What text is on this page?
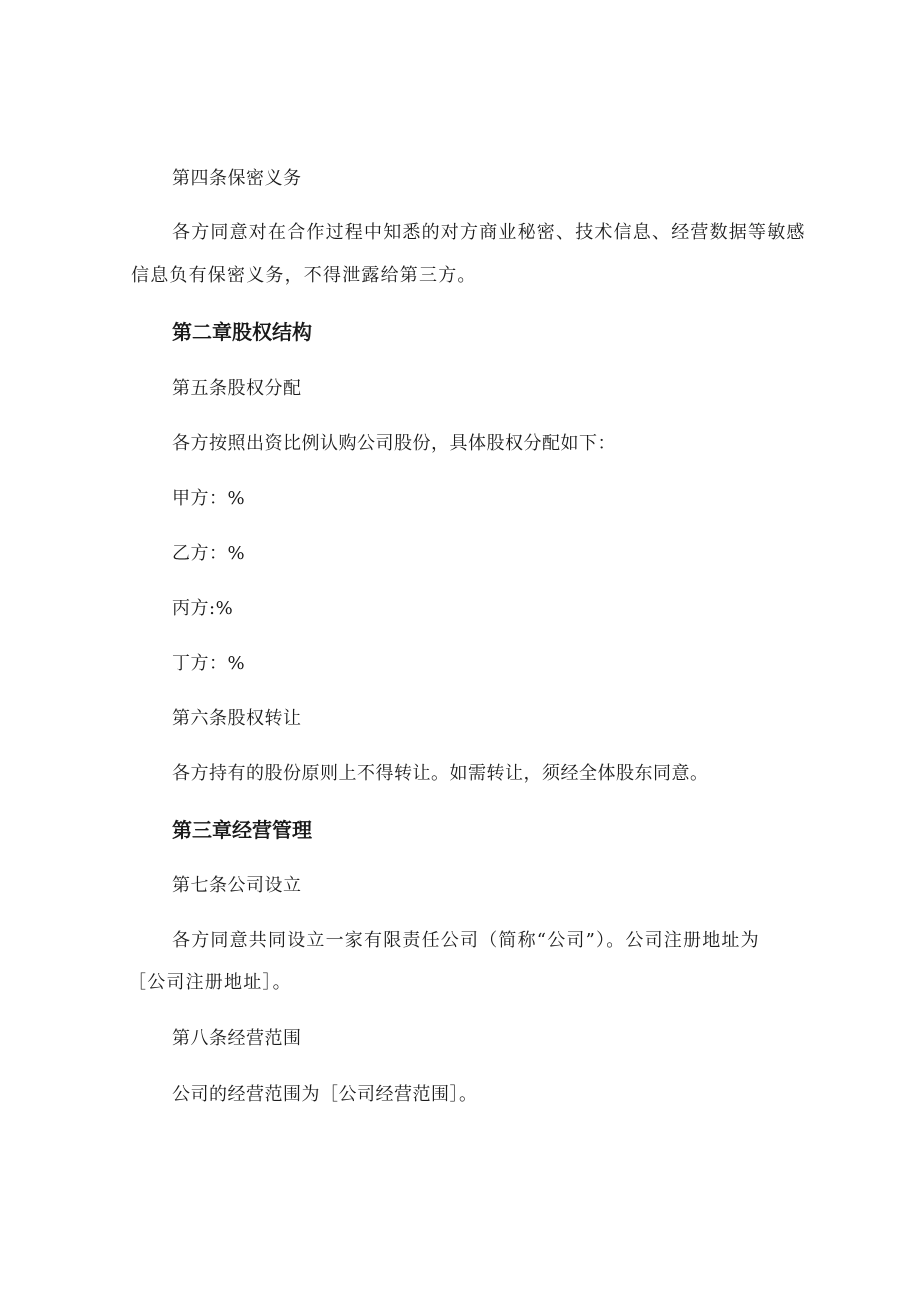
第四条保密义务
各方同意对在合作过程中知悉的对方商业秘密、技术信息、经营数据等敏感
信息负有保密义务，不得泄露给第三方。
第二章股权结构
第五条股权分配
各方按照出资比例认购公司股份，具体股权分配如下：
甲方：%
乙方：%
丙方:%
丁方：%
第六条股权转让
各方持有的股份原则上不得转让。如需转让，须经全体股东同意。
第三章经营管理
第七条公司设立
各方同意共同设立一家有限责任公司（简称“公司”）。公司注册地址为
［公司注册地址］。
第八条经营范围
公司的经营范围为［公司经营范围］。
